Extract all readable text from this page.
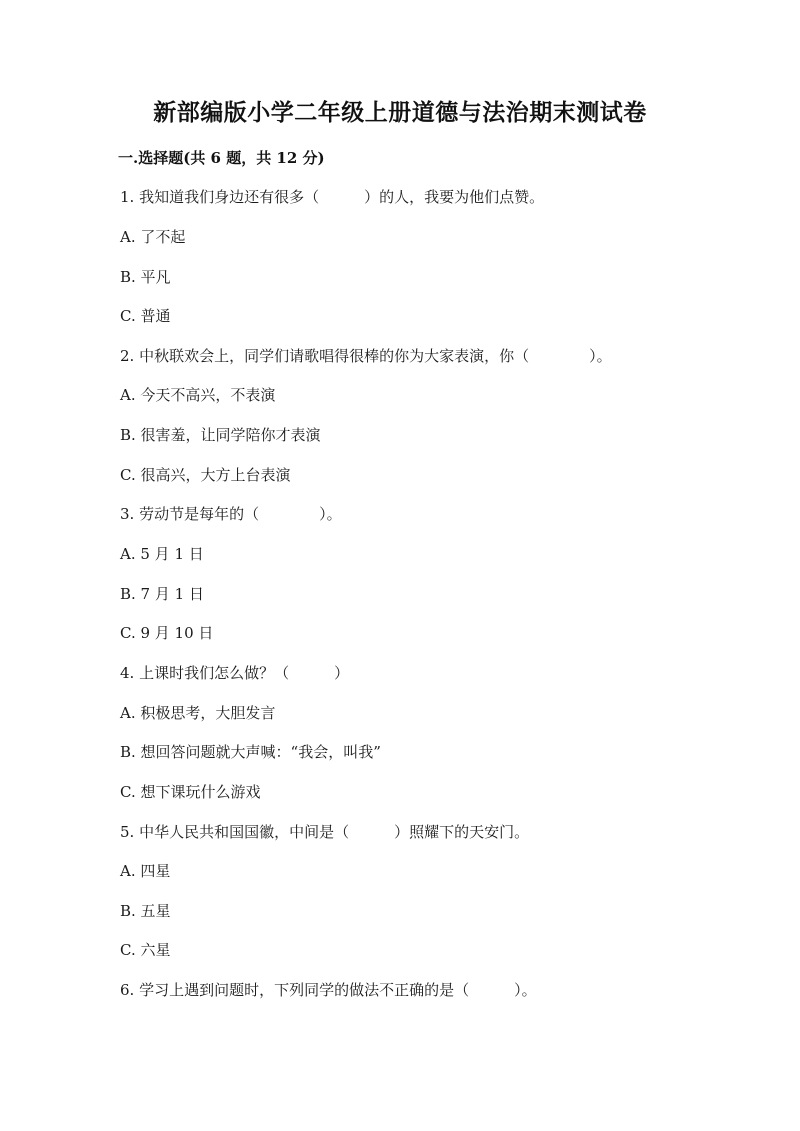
新部编版小学二年级上册道德与法治期末测试卷
一.选择题(共 6 题，共 12 分)
1. 我知道我们身边还有很多（　　　）的人，我要为他们点赞。
A. 了不起
B. 平凡
C. 普通
2. 中秋联欢会上，同学们请歌唱得很棒的你为大家表演，你（　　　　）。
A. 今天不高兴，不表演
B. 很害羞，让同学陪你才表演
C. 很高兴，大方上台表演
3. 劳动节是每年的（　　　　）。
A. 5 月 1 日
B. 7 月 1 日
C. 9 月 10 日
4. 上课时我们怎么做？（　　　）
A. 积极思考，大胆发言
B. 想回答问题就大声喊：“我会，叫我”
C. 想下课玩什么游戏
5. 中华人民共和国国徽，中间是（　　　）照耀下的天安门。
A. 四星
B. 五星
C. 六星
6. 学习上遇到问题时，下列同学的做法不正确的是（　　　）。
